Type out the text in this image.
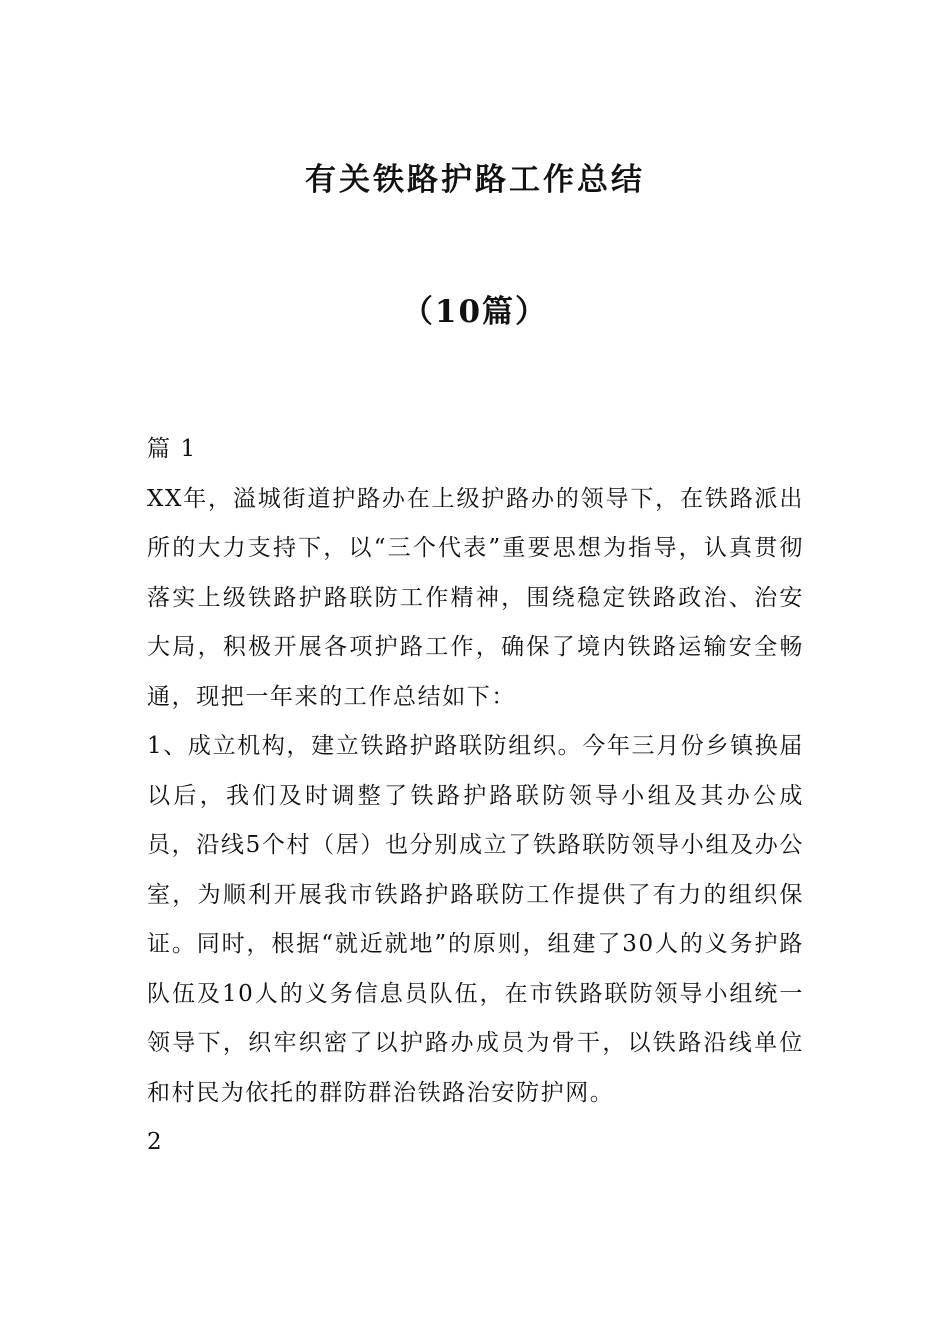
有关铁路护路工作总结
（10篇）

篇 1

XX年，溢城街道护路办在上级护路办的领导下，在铁路派出所的大力支持下，以“三个代表”重要思想为指导，认真贯彻落实上级铁路护路联防工作精神，围绕稳定铁路政治、治安大局，积极开展各项护路工作，确保了境内铁路运输安全畅通，现把一年来的工作总结如下：

1、成立机构，建立铁路护路联防组织。今年三月份乡镇换届以后，我们及时调整了铁路护路联防领导小组及其办公成员，沿线5个村（居）也分别成立了铁路联防领导小组及办公室，为顺利开展我市铁路护路联防工作提供了有力的组织保证。同时，根据“就近就地”的原则，组建了30人的义务护路队伍及10人的义务信息员队伍，在市铁路联防领导小组统一领导下，织牢织密了以护路办成员为骨干，以铁路沿线单位和村民为依托的群防群治铁路治安防护网。

2
